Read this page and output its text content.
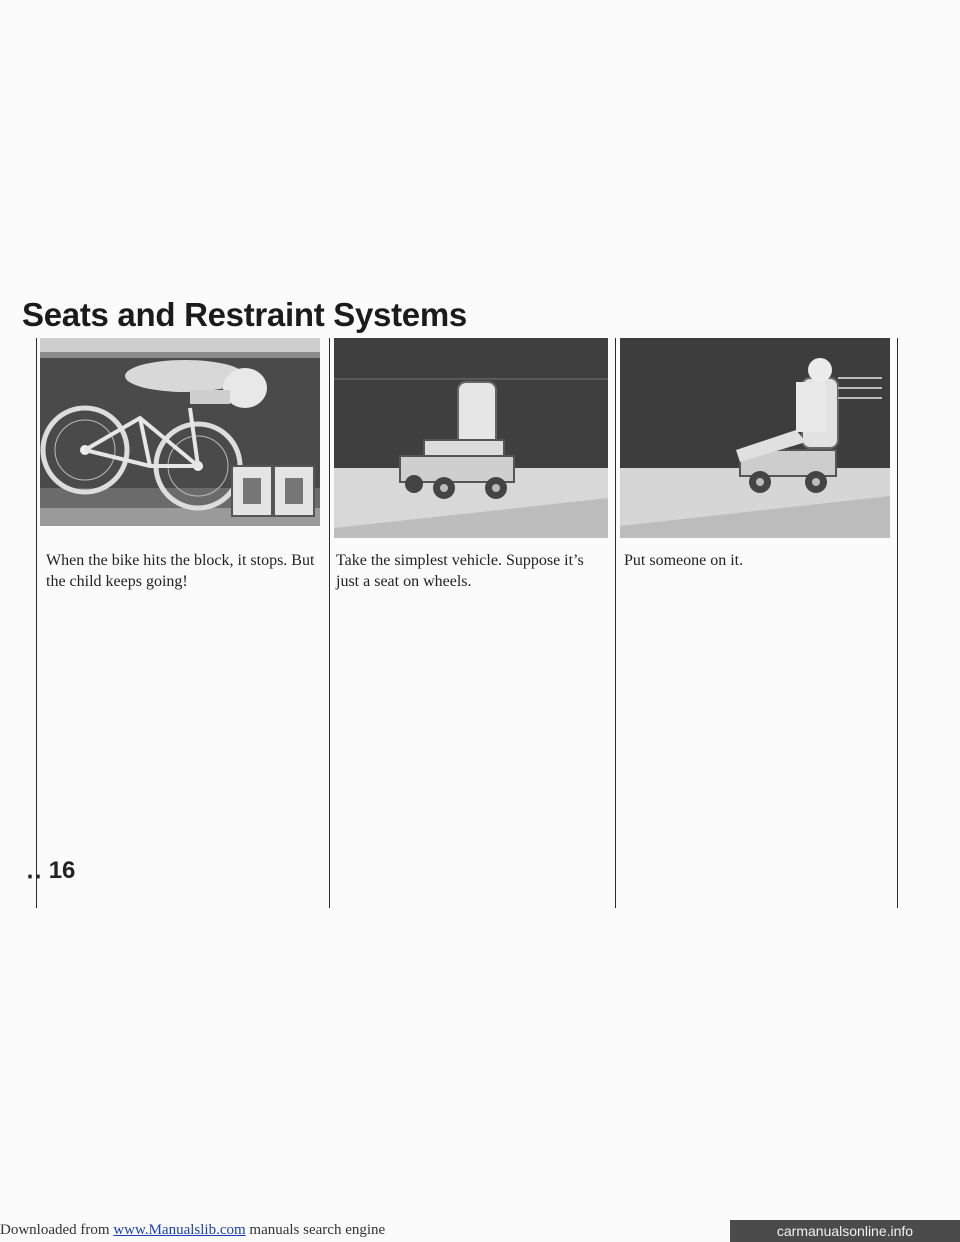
Seats and Restraint Systems

When the bike hits the block, it stops. But the child keeps going!

Take the simplest vehicle. Suppose it’s just a seat on wheels.

Put someone on it.

‥ 16
Downloaded from www.Manualslib.com manuals search engine	carmanualsonline.info
